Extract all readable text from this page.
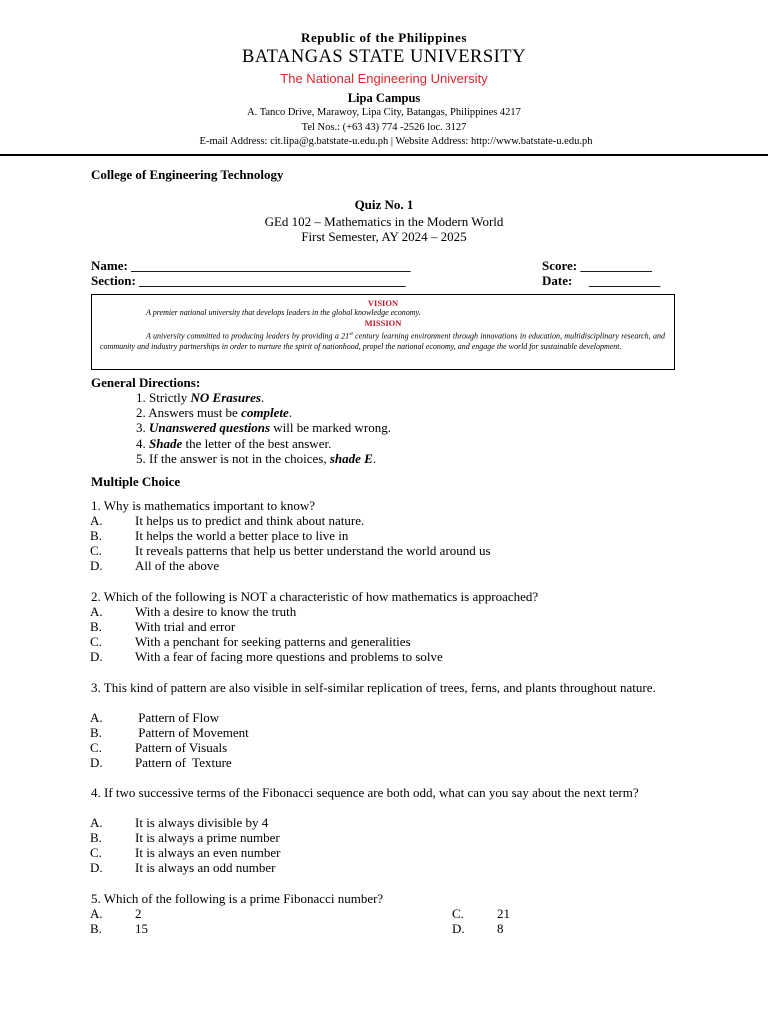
Republic of the Philippines
BATANGAS STATE UNIVERSITY
The National Engineering University
Lipa Campus
A. Tanco Drive, Marawoy, Lipa City, Batangas, Philippines 4217
Tel Nos.: (+63 43) 774 -2526 loc. 3127
E-mail Address: cit.lipa@g.batstate-u.edu.ph | Website Address: http://www.batstate-u.edu.ph
College of Engineering Technology
Quiz No. 1
GEd 102 – Mathematics in the Modern World
First Semester, AY 2024 – 2025
Name: ___________________________________________
Section: _________________________________________
Score: ___________
Date: ___________
VISION
A premier national university that develops leaders in the global knowledge economy.
MISSION
A university committed to producing leaders by providing a 21st century learning environment through innovations in education, multidisciplinary research, and community and industry partnerships in order to nurture the spirit of nationhood, propel the national economy, and engage the world for sustainable development.
General Directions:
1. Strictly NO Erasures.
2. Answers must be complete.
3. Unanswered questions will be marked wrong.
4. Shade the letter of the best answer.
5. If the answer is not in the choices, shade E.
Multiple Choice
1. Why is mathematics important to know?
A. It helps us to predict and think about nature.
B.	It helps the world a better place to live in
C.	It reveals patterns that help us better understand the world around us
D. All of the above
2. Which of the following is NOT a characteristic of how mathematics is approached?
A. With a desire to know the truth
B.	With trial and error
C.	With a penchant for seeking patterns and generalities
D. With a fear of facing more questions and problems to solve
3. This kind of pattern are also visible in self-similar replication of trees, ferns, and plants throughout nature.
A. Pattern of Flow
B.	Pattern of Movement
C.	Pattern of Visuals
D. Pattern of  Texture
4. If two successive terms of the Fibonacci sequence are both odd, what can you say about the next term?
A. It is always divisible by 4
B.	It is always a prime number
C.	It is always an even number
D. It is always an odd number
5. Which of the following is a prime Fibonacci number?
A. 2
B.	15
C.	21
D. 8
